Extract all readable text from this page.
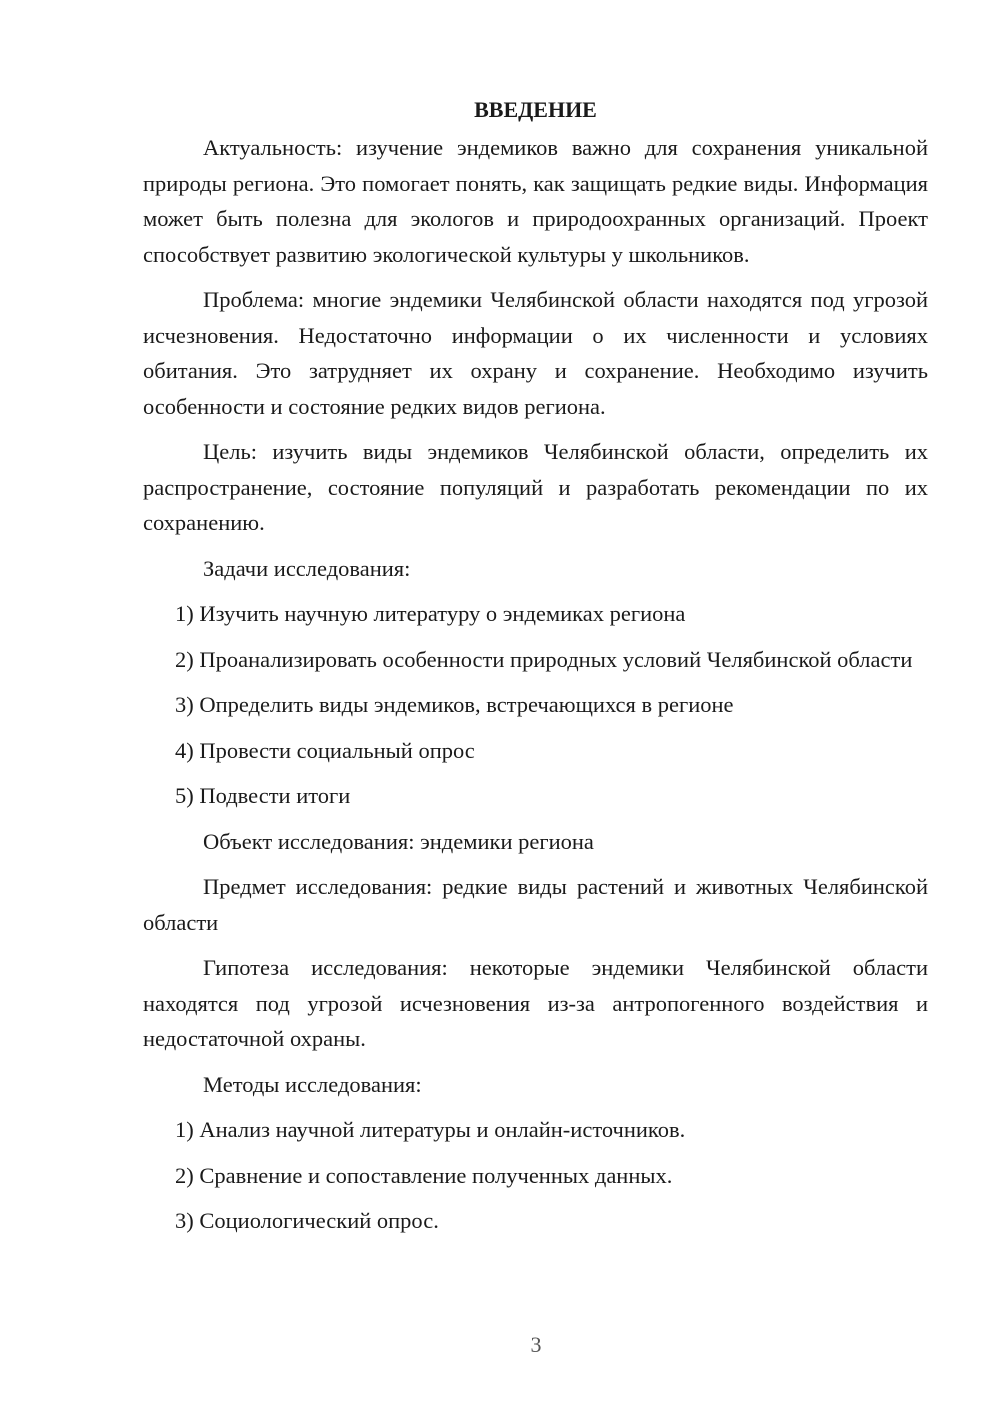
ВВЕДЕНИЕ

Актуальность: изучение эндемиков важно для сохранения уникальной природы региона. Это помогает понять, как защищать редкие виды. Информация может быть полезна для экологов и природоохранных организаций. Проект способствует развитию экологической культуры у школьников.

Проблема: многие эндемики Челябинской области находятся под угрозой исчезновения. Недостаточно информации о их численности и условиях обитания. Это затрудняет их охрану и сохранение. Необходимо изучить особенности и состояние редких видов региона.

Цель: изучить виды эндемиков Челябинской области, определить их распространение, состояние популяций и разработать рекомендации по их сохранению.

Задачи исследования:

1) Изучить научную литературу о эндемиках региона

2) Проанализировать особенности природных условий Челябинской области

3) Определить виды эндемиков, встречающихся в регионе

4) Провести социальный опрос

5) Подвести итоги

Объект исследования: эндемики региона

Предмет исследования: редкие виды растений и животных Челябинской области

Гипотеза исследования: некоторые эндемики Челябинской области находятся под угрозой исчезновения из-за антропогенного воздействия и недостаточной охраны.

Методы исследования:

1) Анализ научной литературы и онлайн-источников.

2) Сравнение и сопоставление полученных данных.

3) Социологический опрос.

3
